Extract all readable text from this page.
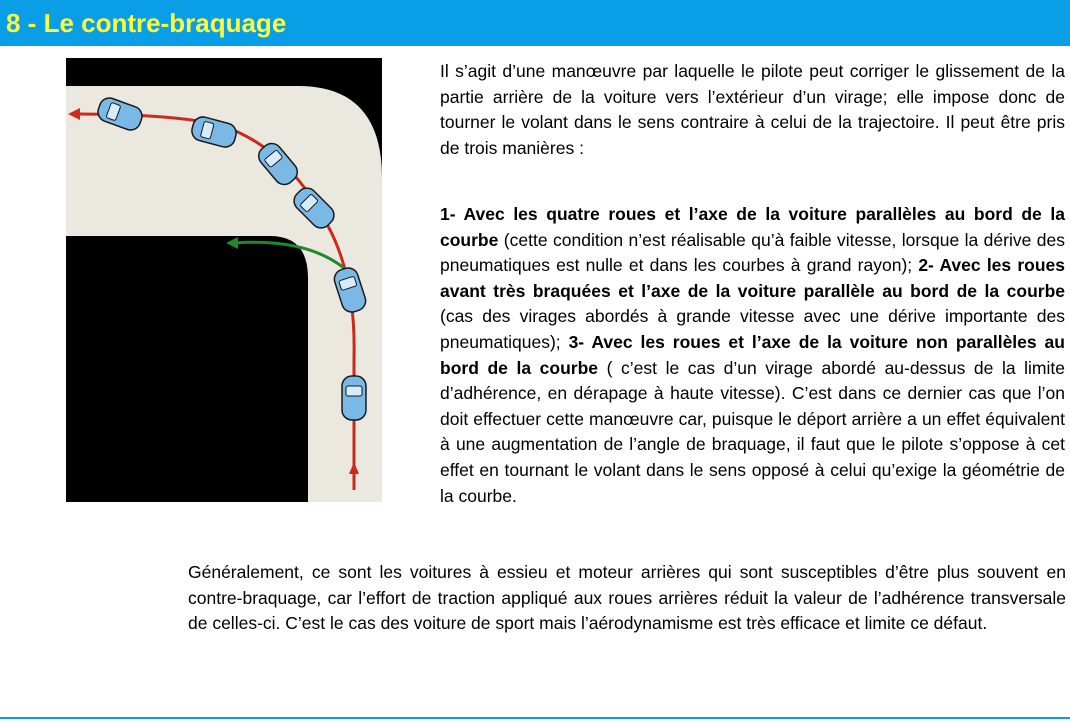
8 - Le contre-braquage

Il s’agit d’une manœuvre par laquelle le pilote peut corriger le glissement de la partie arrière de la voiture vers l’extérieur d’un virage; elle impose donc de tourner le volant dans le sens contraire à celui de la trajectoire. Il peut être pris de trois manières :

1- Avec les quatre roues et l’axe de la voiture parallèles au bord de la courbe (cette condition n’est réalisable qu’à faible vitesse, lorsque la dérive des pneumatiques est nulle et dans les courbes à grand rayon); 2- Avec les roues avant très braquées et l’axe de la voiture parallèle au bord de la courbe (cas des virages abordés à grande vitesse avec une dérive importante des pneumatiques); 3- Avec les roues et l’axe de la voiture non parallèles au bord de la courbe ( c’est le cas d’un virage abordé au-dessus de la limite d’adhérence, en dérapage à haute vitesse). C’est dans ce dernier cas que l’on doit effectuer cette manœuvre car, puisque le déport arrière a un effet équivalent à une augmentation de l’angle de braquage, il faut que le pilote s’oppose à cet effet en tournant le volant dans le sens opposé à celui qu’exige la géométrie de la courbe.

Généralement, ce sont les voitures à essieu et moteur arrières qui sont susceptibles d’être plus souvent en contre-braquage, car l’effort de traction appliqué aux roues arrières réduit la valeur de l’adhérence transversale de celles-ci. C’est le cas des voiture de sport mais l’aérodynamisme est très efficace et limite ce défaut.
